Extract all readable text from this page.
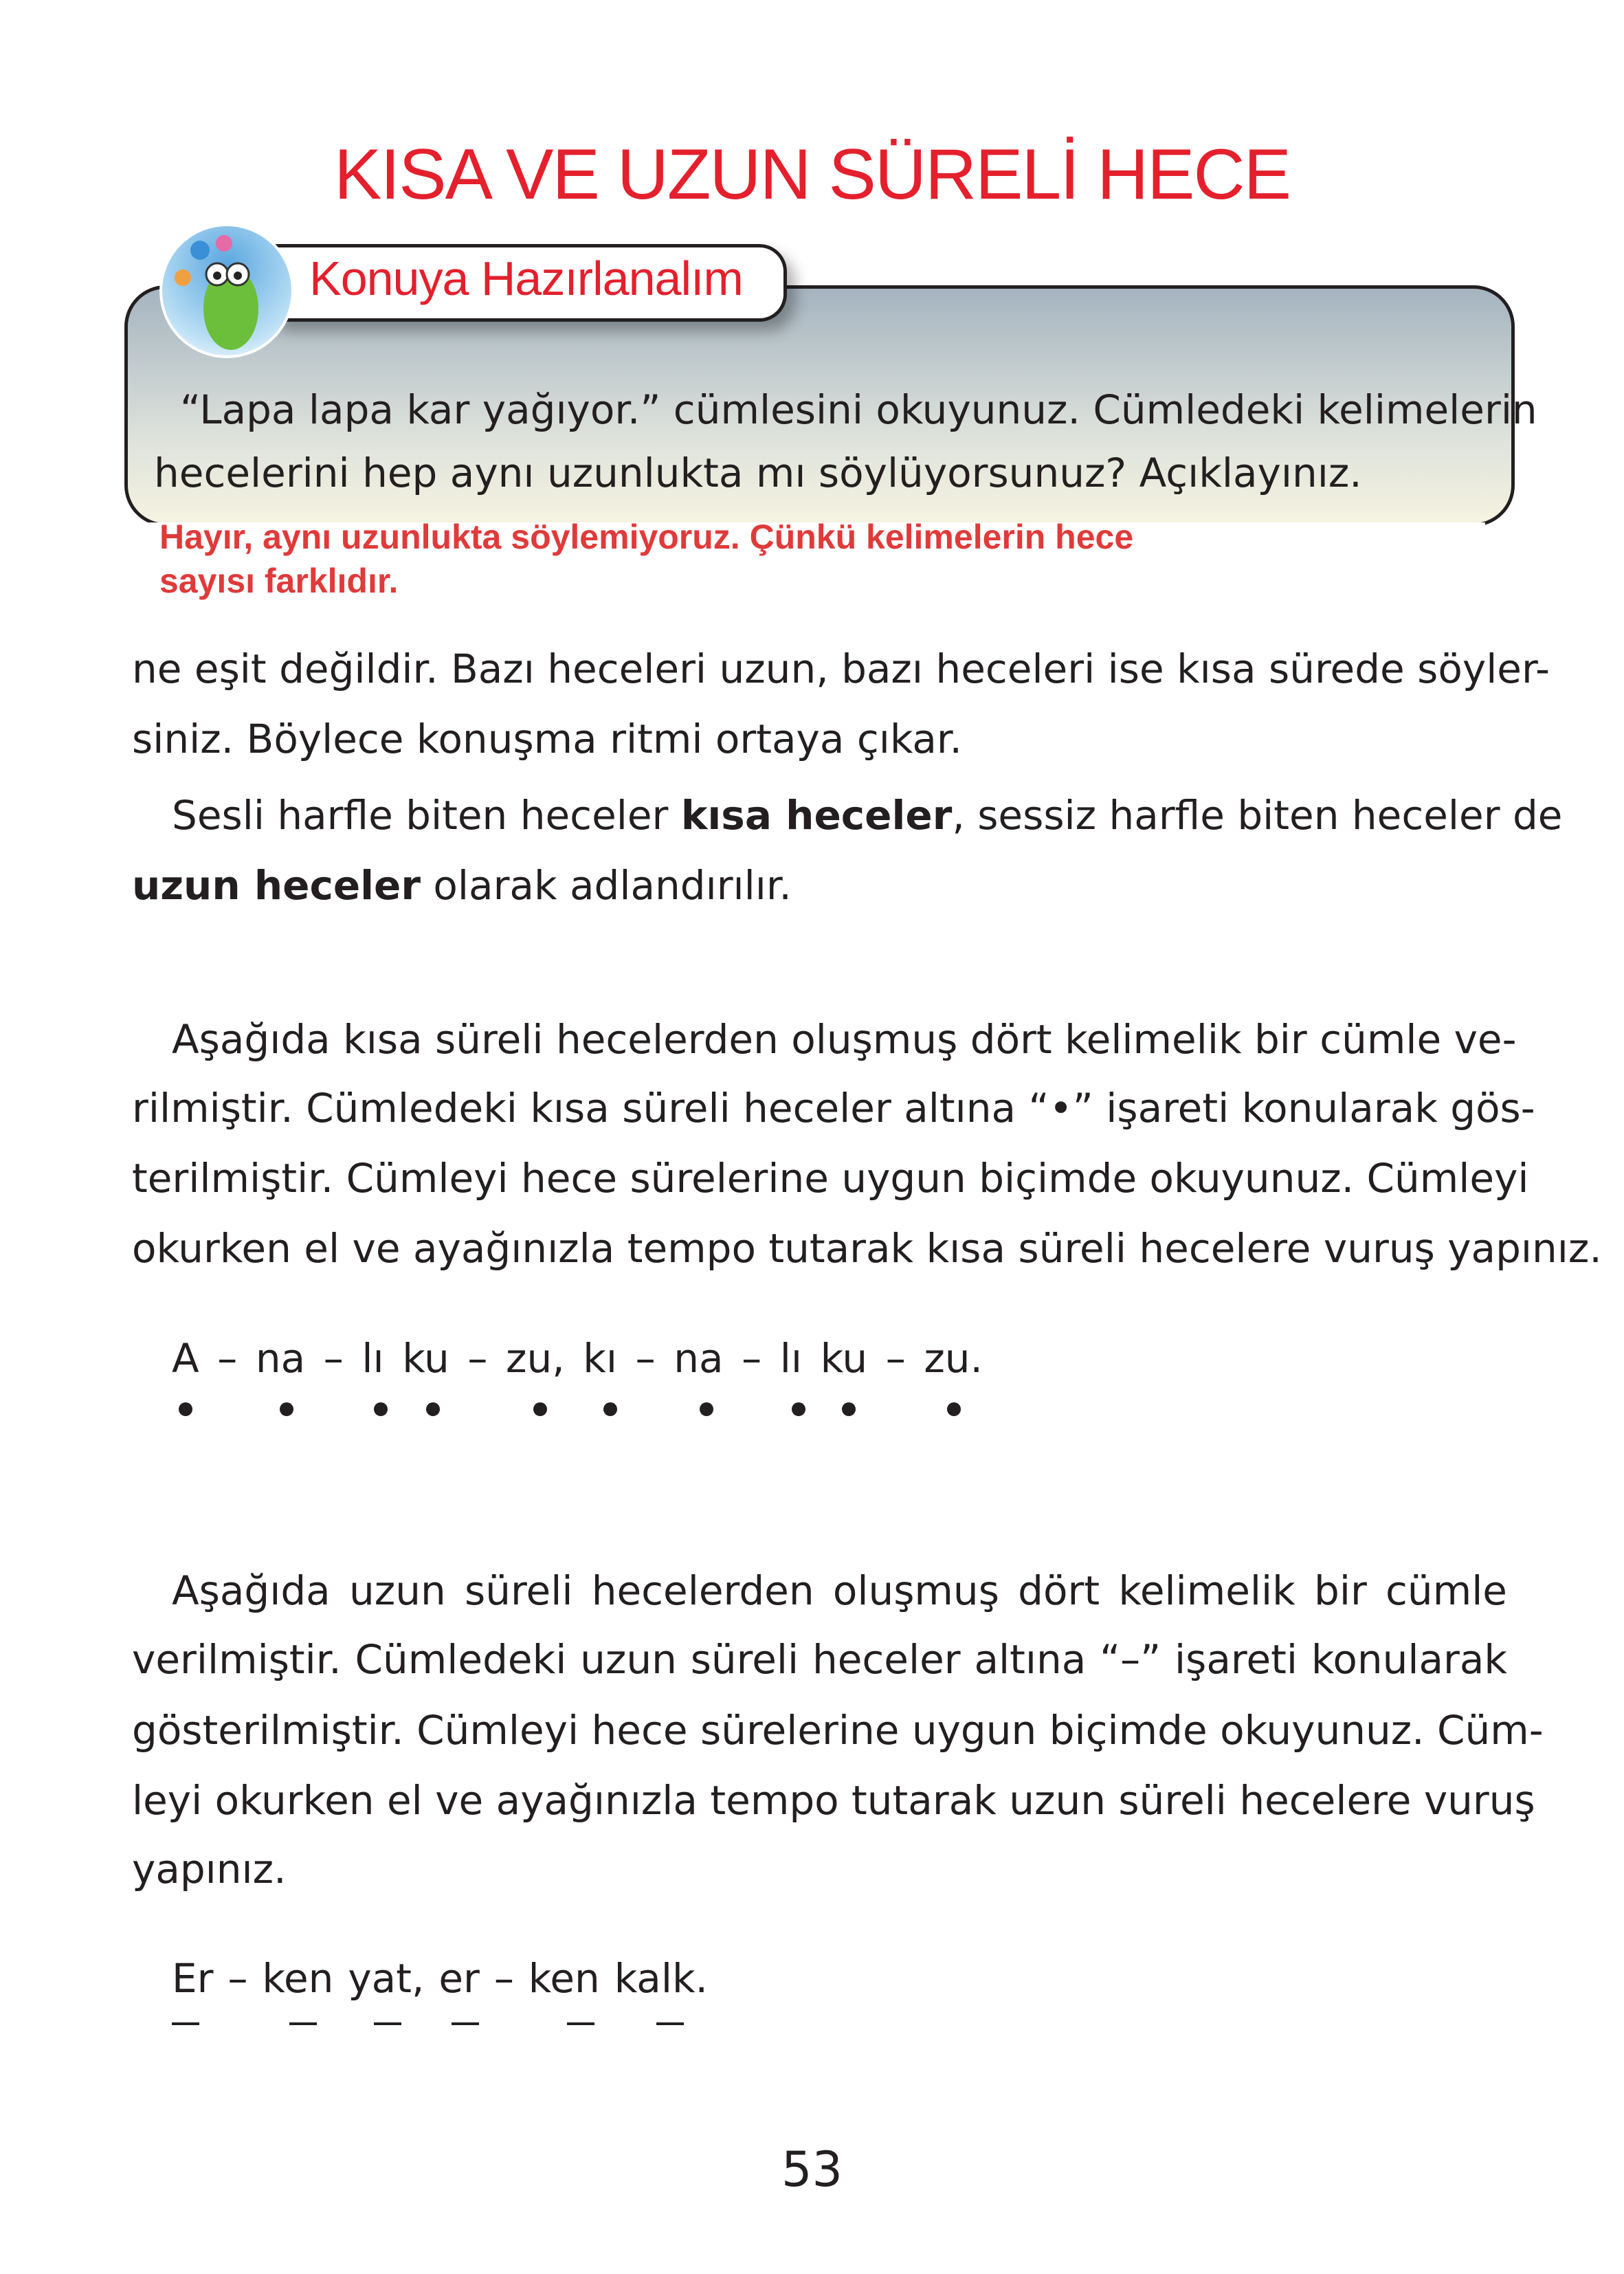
KISA VE UZUN SÜRELİ HECE
Konuya Hazırlanalım
“Lapa lapa kar yağıyor.” cümlesini okuyunuz. Cümledeki kelimelerin
hecelerini hep aynı uzunlukta mı söylüyorsunuz? Açıklayınız.
Hayır, aynı uzunlukta söylemiyoruz. Çünkü kelimelerin hece
sayısı farklıdır.
ne eşit değildir. Bazı heceleri uzun, bazı heceleri ise kısa sürede söyler-
siniz. Böylece konuşma ritmi ortaya çıkar.
Sesli harfle biten heceler kısa heceler, sessiz harfle biten heceler de
uzun heceler olarak adlandırılır.
Aşağıda kısa süreli hecelerden oluşmuş dört kelimelik bir cümle ve-
rilmiştir. Cümledeki kısa süreli heceler altına “•” işareti konularak gös-
terilmiştir. Cümleyi hece sürelerine uygun biçimde okuyunuz. Cümleyi
okurken el ve ayağınızla tempo tutarak kısa süreli hecelere vuruş yapınız.
A – na – lı ku – zu, kı – na – lı ku – zu.
Aşağıda uzun süreli hecelerden oluşmuş dört kelimelik bir cümle
verilmiştir. Cümledeki uzun süreli heceler altına “–” işareti konularak
gösterilmiştir. Cümleyi hece sürelerine uygun biçimde okuyunuz. Cüm-
leyi okurken el ve ayağınızla tempo tutarak uzun süreli hecelere vuruş
yapınız.
Er – ken yat, er – ken kalk.
53
